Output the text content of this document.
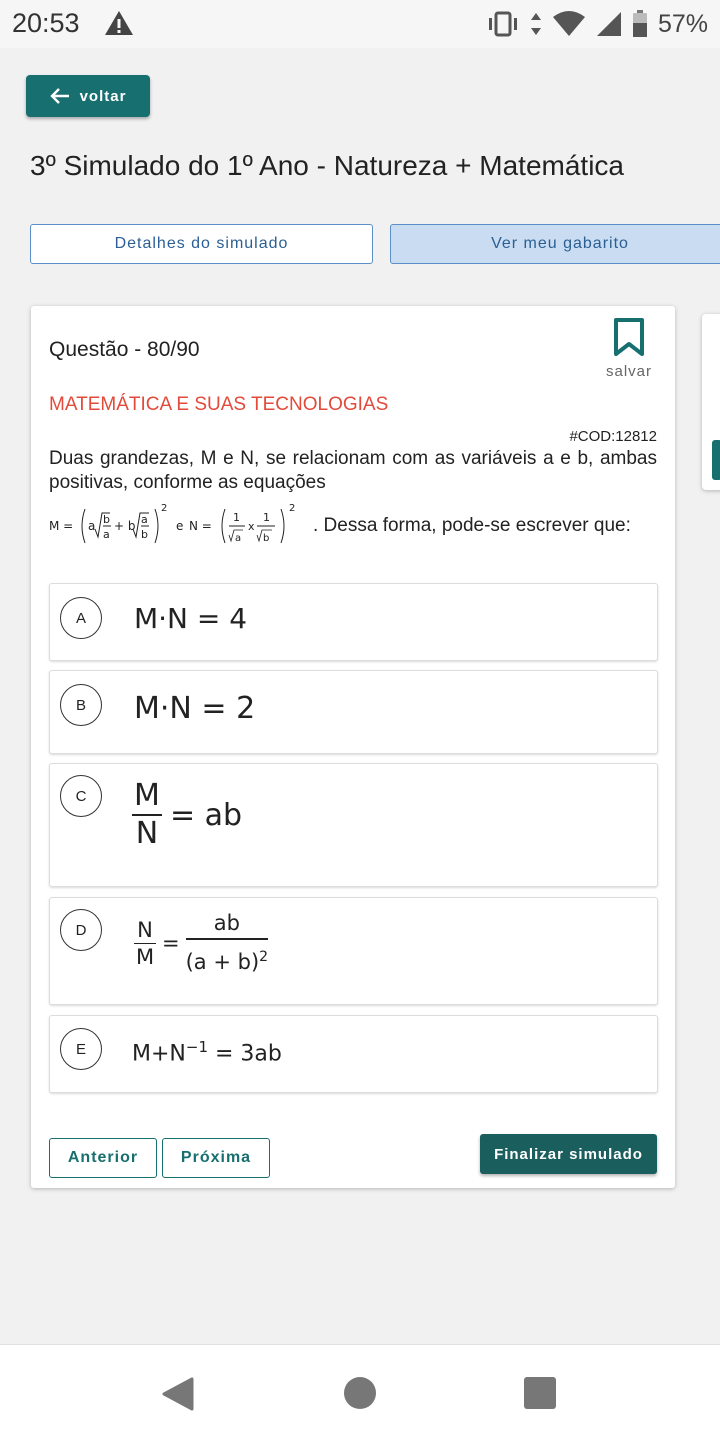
20:53	57%
voltar
3º Simulado do 1º Ano - Natureza + Matemática
Detalhes do simulado	Ver meu gabarito
Questão - 80/90
salvar
MATEMÁTICA E SUAS TECNOLOGIAS
#COD:12812

Duas grandezas, M e N, se relacionam com as variáveis a e b, ambas positivas, conforme as equações

M = a b
a
+ b a
b
2
e N =
1
a
x
1
b
2
. Dessa forma, pode-se escrever que:
A	M·N = 4
B	M·N = 2
C	M
N
= ab
D	N
M
=
ab
$(a + b)^2$
E	$M+N^{-1} = 3ab$
Anterior	Próxima	Finalizar simulado
